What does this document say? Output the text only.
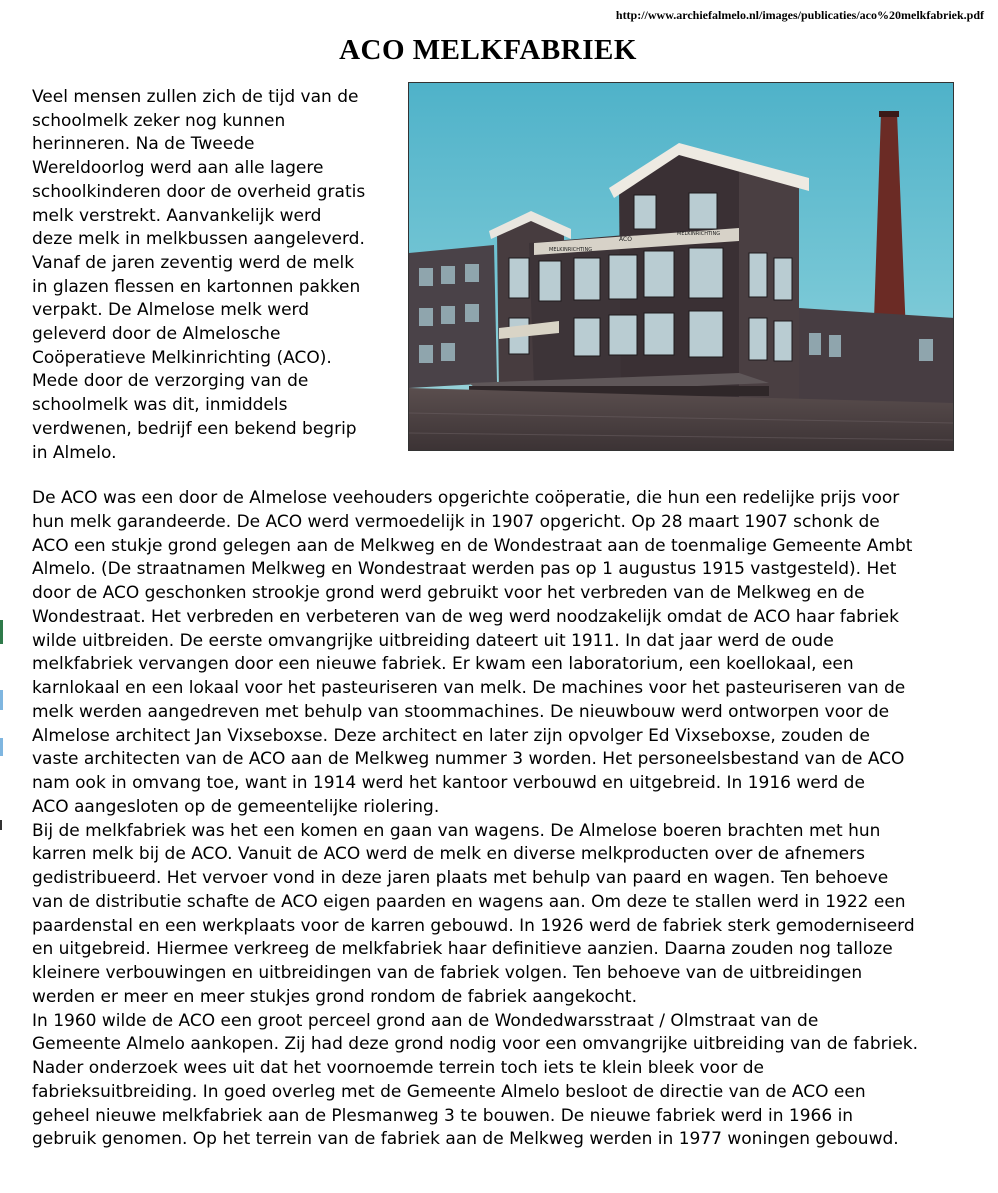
http://www.archiefalmelo.nl/images/publicaties/aco%20melkfabriek.pdf
ACO MELKFABRIEK
Veel mensen zullen zich de tijd van de
schoolmelk zeker nog kunnen
herinneren. Na de Tweede
Wereldoorlog werd aan alle lagere
schoolkinderen door de overheid gratis
melk verstrekt. Aanvankelijk werd
deze melk in melkbussen aangeleverd.
Vanaf de jaren zeventig werd de melk
in glazen flessen en kartonnen pakken
verpakt. De Almelose melk werd
geleverd door de Almelosche
Coöperatieve Melkinrichting (ACO).
Mede door de verzorging van de
schoolmelk was dit, inmiddels
verdwenen, bedrijf een bekend begrip
in Almelo.
ACO
MELKINRICHTING
MELKINRICHTING
De ACO was een door de Almelose veehouders opgerichte coöperatie, die hun een redelijke prijs voor
hun melk garandeerde. De ACO werd vermoedelijk in 1907 opgericht. Op 28 maart 1907 schonk de
ACO een stukje grond gelegen aan de Melkweg en de Wondestraat aan de toenmalige Gemeente Ambt
Almelo. (De straatnamen Melkweg en Wondestraat werden pas op 1 augustus 1915 vastgesteld). Het
door de ACO geschonken strookje grond werd gebruikt voor het verbreden van de Melkweg en de
Wondestraat. Het verbreden en verbeteren van de weg werd noodzakelijk omdat de ACO haar fabriek
wilde uitbreiden. De eerste omvangrijke uitbreiding dateert uit 1911. In dat jaar werd de oude
melkfabriek vervangen door een nieuwe fabriek. Er kwam een laboratorium, een koellokaal, een
karnlokaal en een lokaal voor het pasteuriseren van melk. De machines voor het pasteuriseren van de
melk werden aangedreven met behulp van stoommachines. De nieuwbouw werd ontworpen voor de
Almelose architect Jan Vixseboxse. Deze architect en later zijn opvolger Ed Vixseboxse, zouden de
vaste architecten van de ACO aan de Melkweg nummer 3 worden. Het personeelsbestand van de ACO
nam ook in omvang toe, want in 1914 werd het kantoor verbouwd en uitgebreid. In 1916 werd de
ACO aangesloten op de gemeentelijke riolering.
Bij de melkfabriek was het een komen en gaan van wagens. De Almelose boeren brachten met hun
karren melk bij de ACO. Vanuit de ACO werd de melk en diverse melkproducten over de afnemers
gedistribueerd. Het vervoer vond in deze jaren plaats met behulp van paard en wagen. Ten behoeve
van de distributie schafte de ACO eigen paarden en wagens aan. Om deze te stallen werd in 1922 een
paardenstal en een werkplaats voor de karren gebouwd. In 1926 werd de fabriek sterk gemoderniseerd
en uitgebreid. Hiermee verkreeg de melkfabriek haar definitieve aanzien. Daarna zouden nog talloze
kleinere verbouwingen en uitbreidingen van de fabriek volgen. Ten behoeve van de uitbreidingen
werden er meer en meer stukjes grond rondom de fabriek aangekocht.
In 1960 wilde de ACO een groot perceel grond aan de Wondedwarsstraat / Olmstraat van de
Gemeente Almelo aankopen. Zij had deze grond nodig voor een omvangrijke uitbreiding van de fabriek.
Nader onderzoek wees uit dat het voornoemde terrein toch iets te klein bleek voor de
fabrieksuitbreiding. In goed overleg met de Gemeente Almelo besloot de directie van de ACO een
geheel nieuwe melkfabriek aan de Plesmanweg 3 te bouwen. De nieuwe fabriek werd in 1966 in
gebruik genomen. Op het terrein van de fabriek aan de Melkweg werden in 1977 woningen gebouwd.
